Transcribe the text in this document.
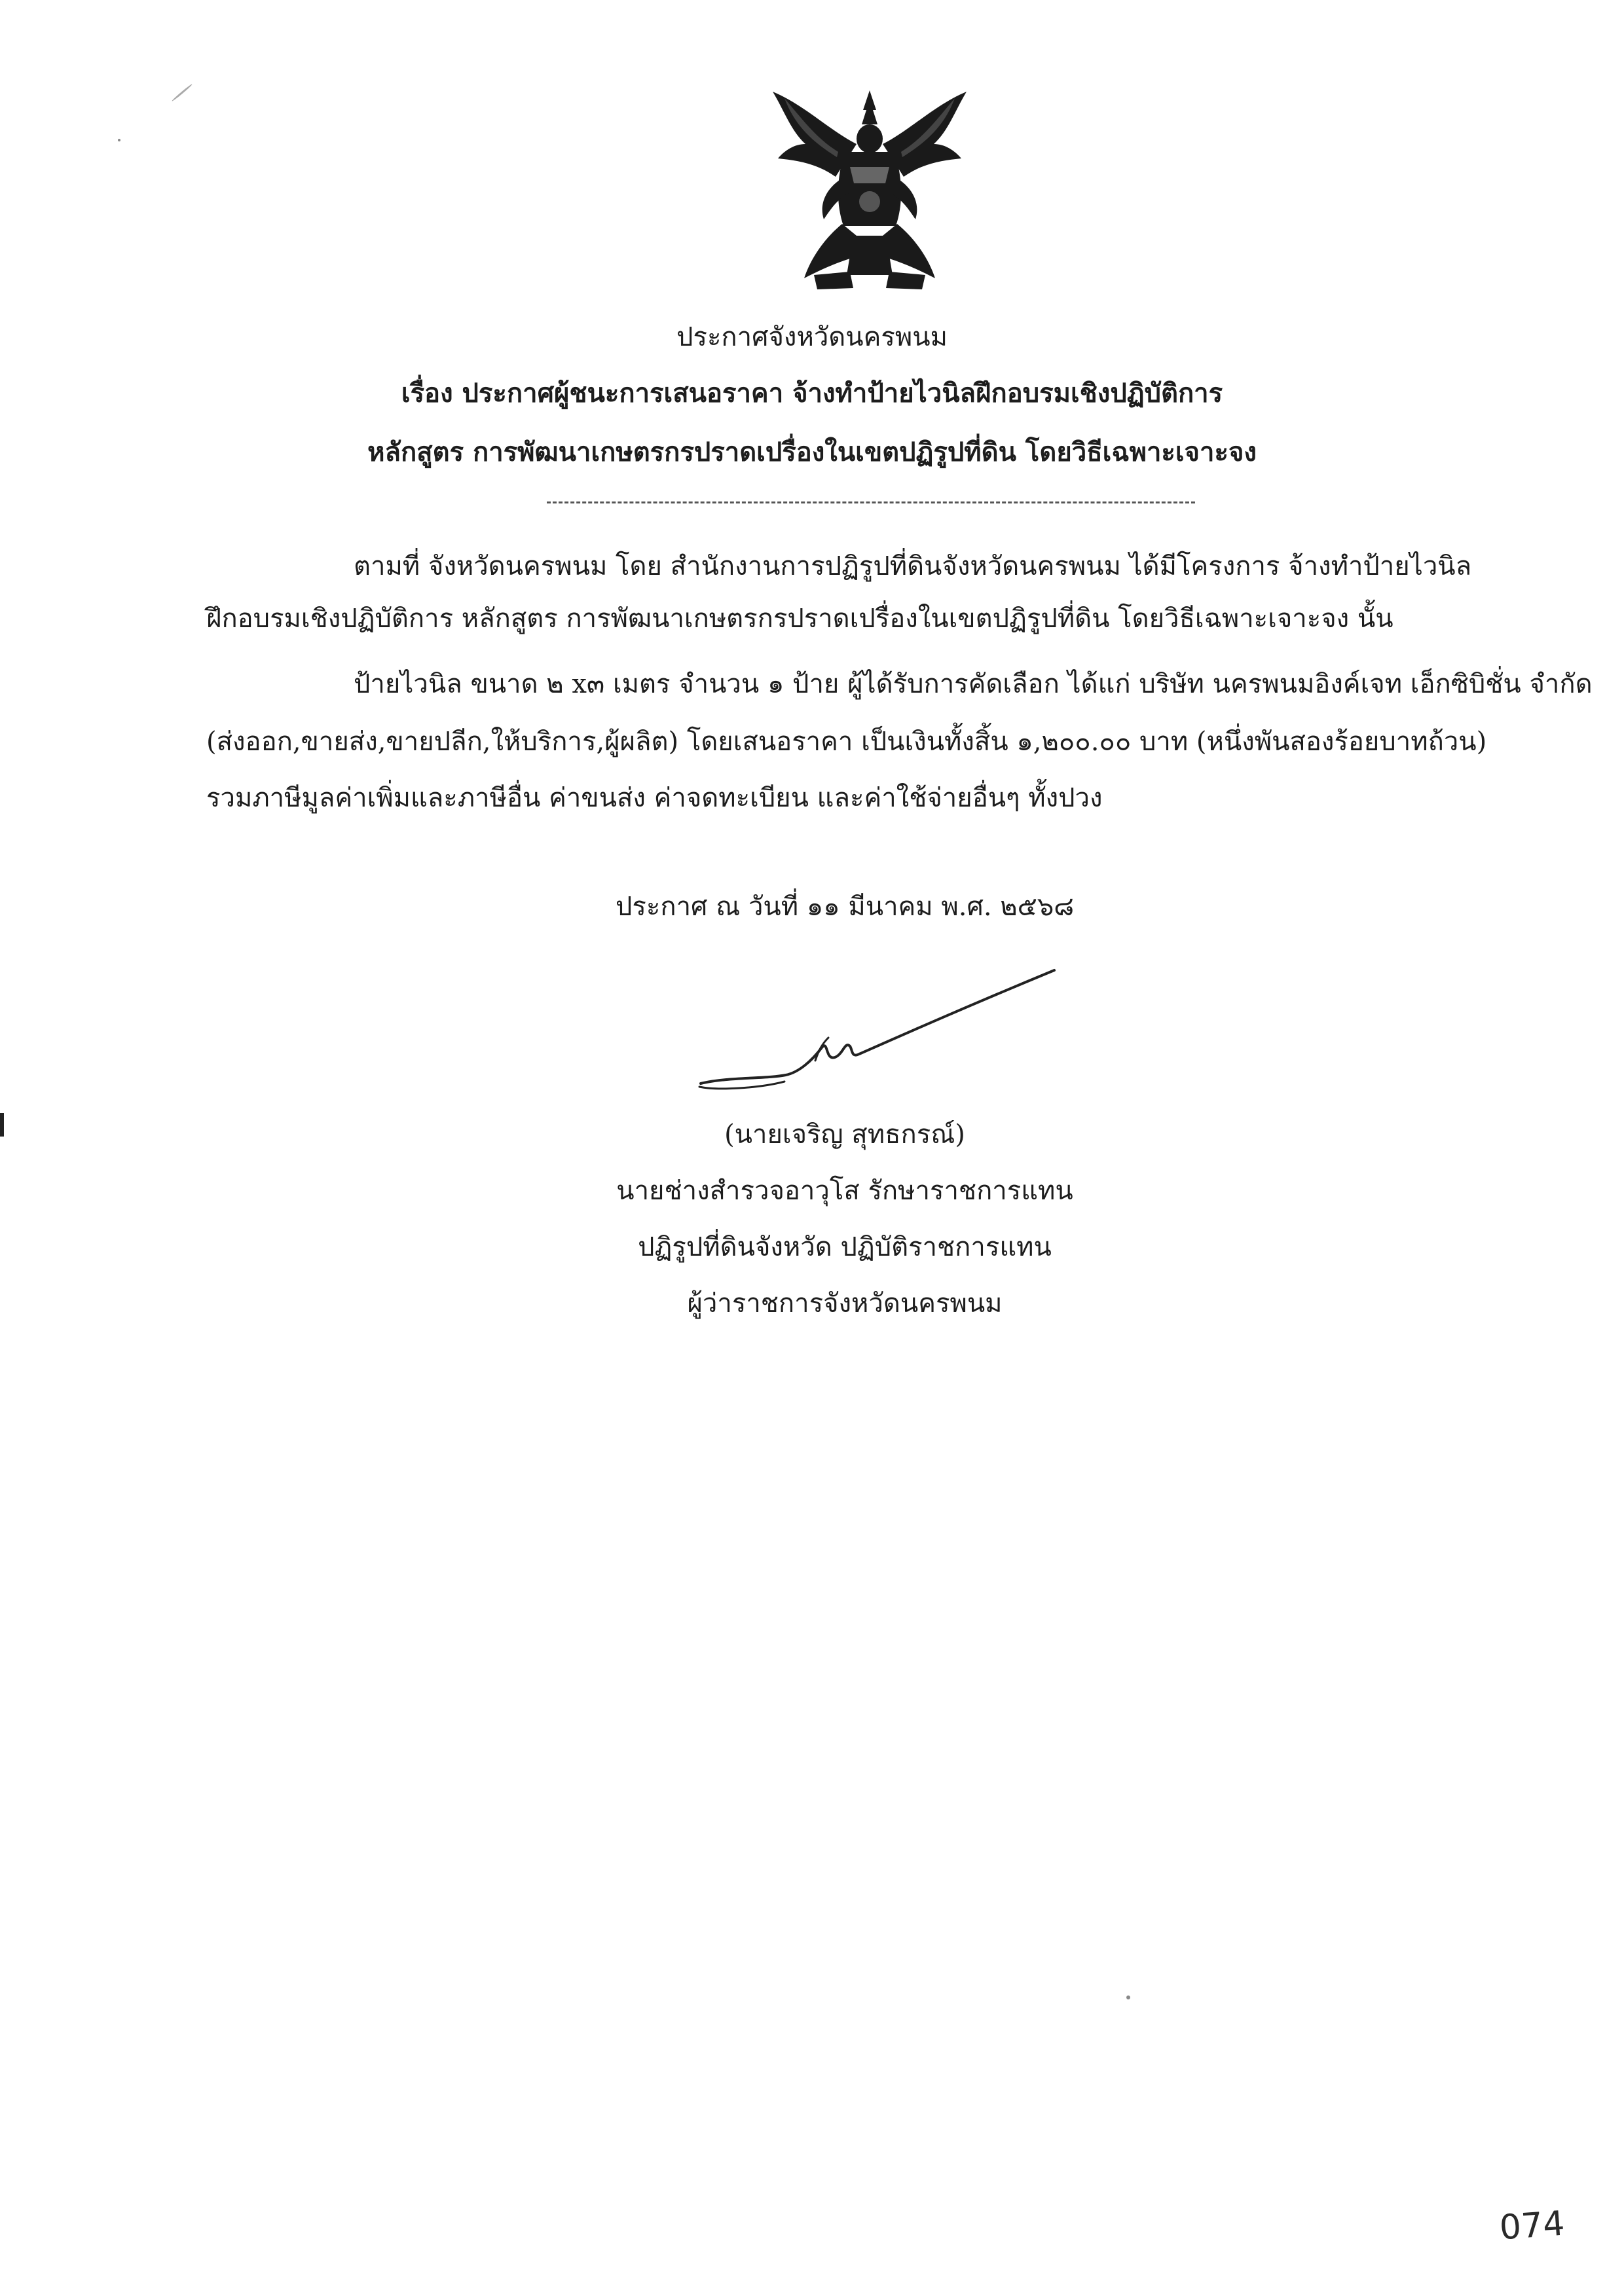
ประกาศจังหวัดนครพนม
เรื่อง ประกาศผู้ชนะการเสนอราคา จ้างทำป้ายไวนิลฝึกอบรมเชิงปฏิบัติการ
หลักสูตร การพัฒนาเกษตรกรปราดเปรื่องในเขตปฏิรูปที่ดิน โดยวิธีเฉพาะเจาะจง
ตามที่ จังหวัดนครพนม โดย สำนักงานการปฏิรูปที่ดินจังหวัดนครพนม ได้มีโครงการ จ้างทำป้ายไวนิล
ฝึกอบรมเชิงปฏิบัติการ หลักสูตร การพัฒนาเกษตรกรปราดเปรื่องในเขตปฏิรูปที่ดิน โดยวิธีเฉพาะเจาะจง นั้น
ป้ายไวนิล ขนาด ๒ x๓ เมตร จำนวน ๑ ป้าย ผู้ได้รับการคัดเลือก ได้แก่ บริษัท นครพนมอิงค์เจท เอ็กซิบิชั่น จำกัด
(ส่งออก,ขายส่ง,ขายปลีก,ให้บริการ,ผู้ผลิต) โดยเสนอราคา เป็นเงินทั้งสิ้น ๑,๒๐๐.๐๐ บาท (หนึ่งพันสองร้อยบาทถ้วน)
รวมภาษีมูลค่าเพิ่มและภาษีอื่น ค่าขนส่ง ค่าจดทะเบียน และค่าใช้จ่ายอื่นๆ ทั้งปวง
ประกาศ ณ วันที่ ๑๑ มีนาคม พ.ศ. ๒๕๖๘
(นายเจริญ สุทธกรณ์)
นายช่างสำรวจอาวุโส รักษาราชการแทน
ปฏิรูปที่ดินจังหวัด ปฏิบัติราชการแทน
ผู้ว่าราชการจังหวัดนครพนม
074
